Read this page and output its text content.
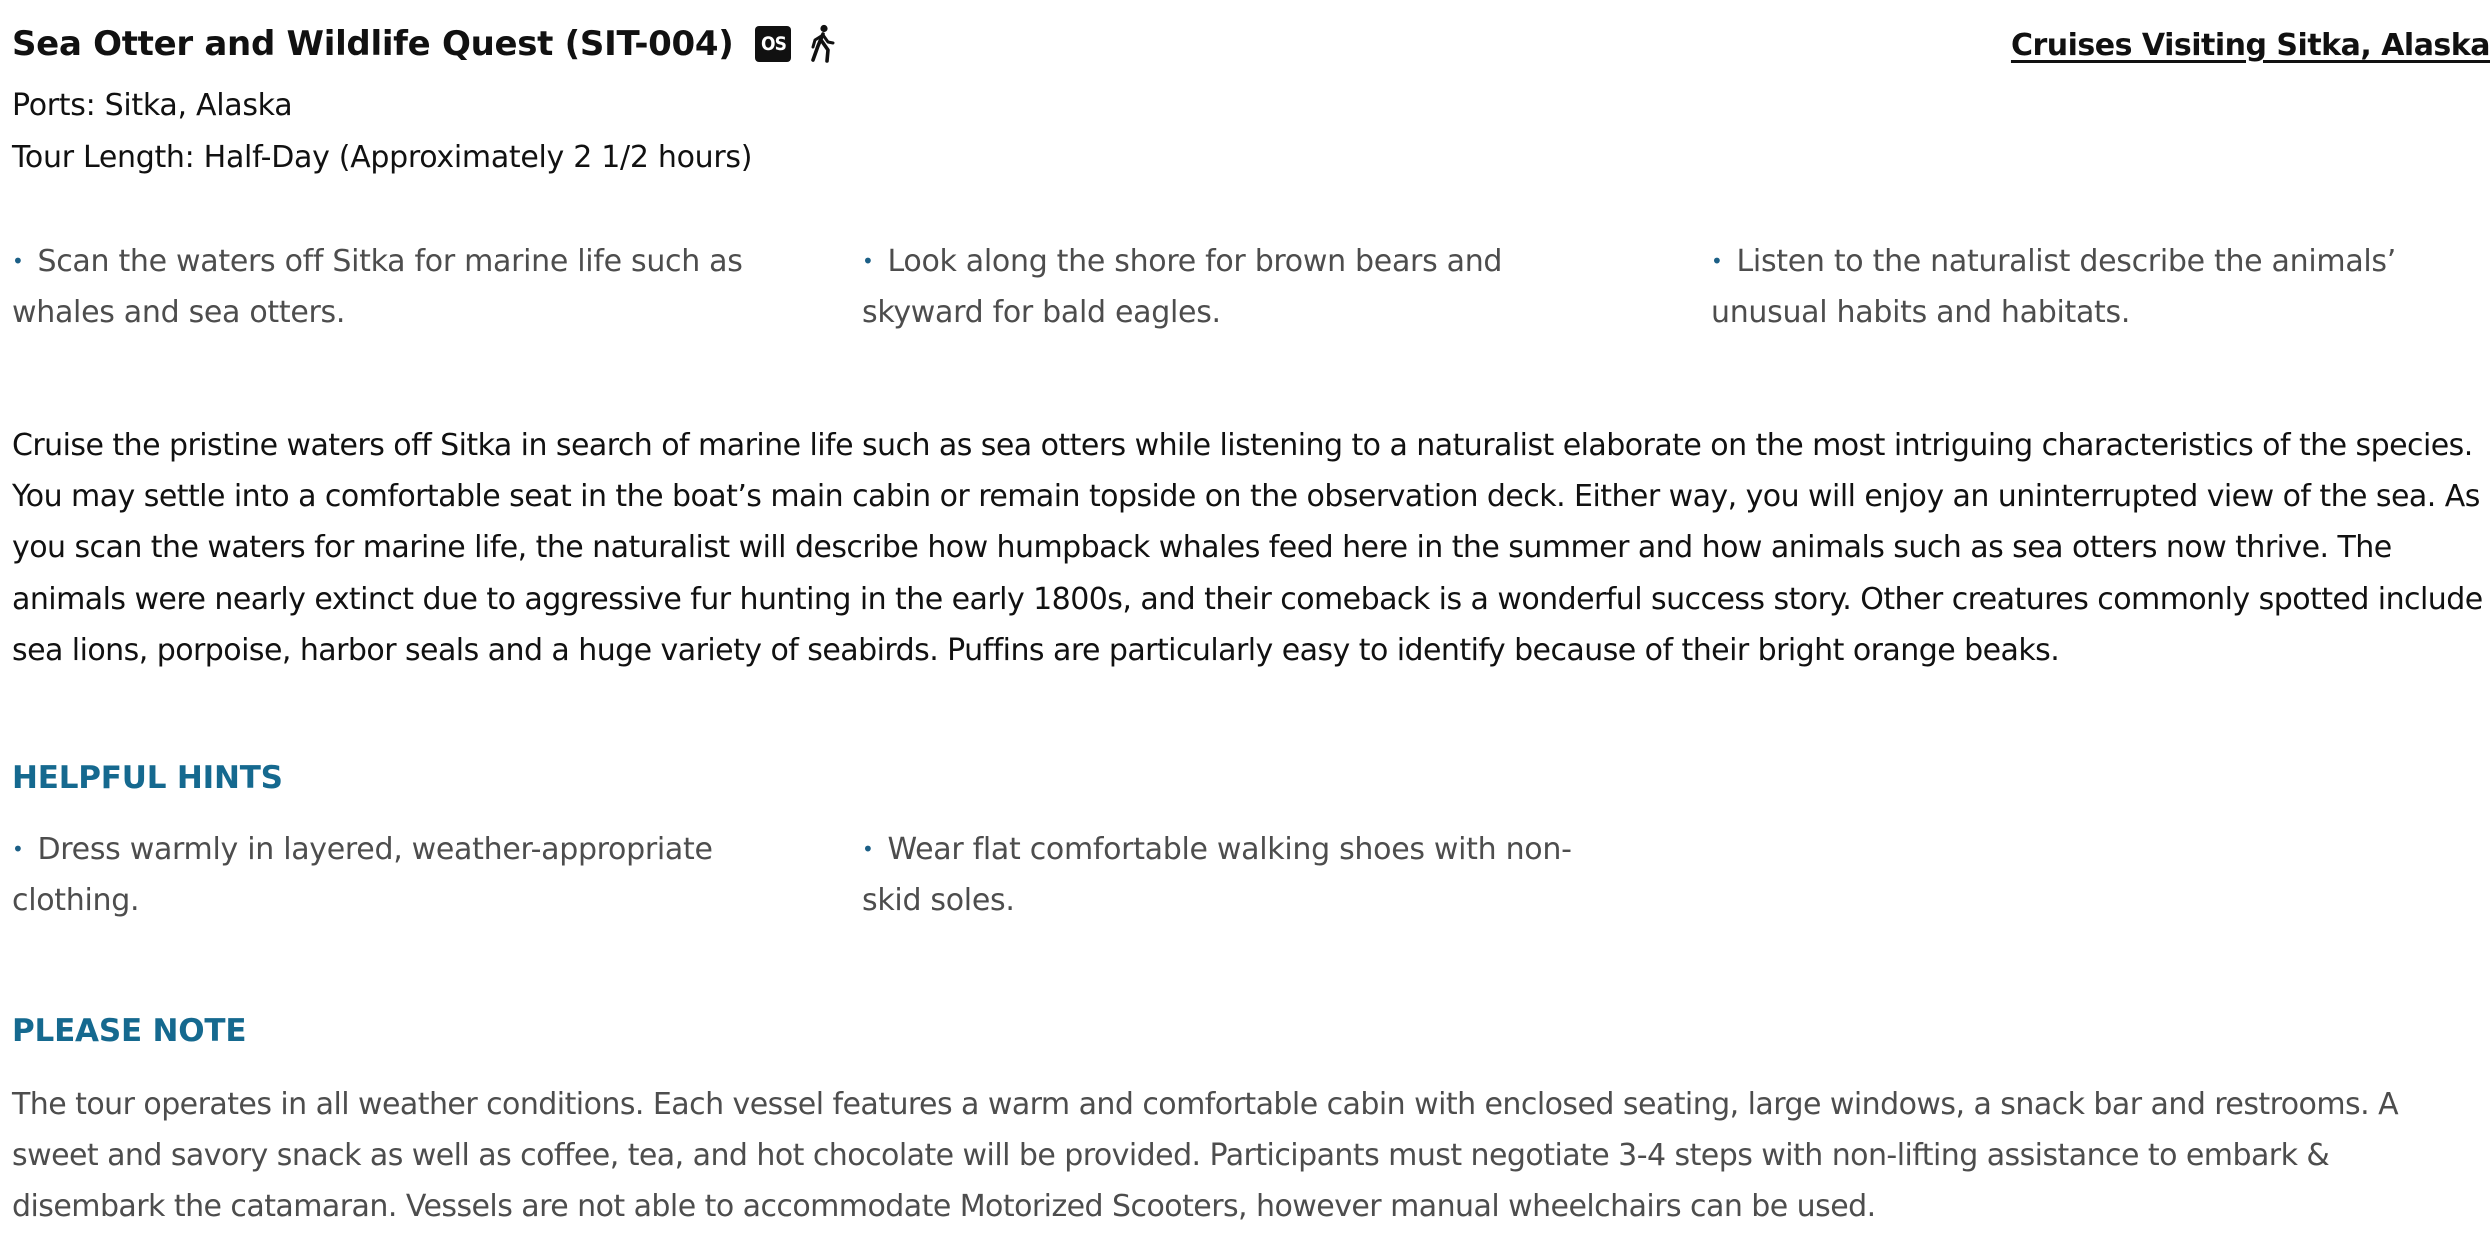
Sea Otter and Wildlife Quest (SIT-004) OS	Cruises Visiting Sitka, Alaska
Ports: Sitka, Alaska
Tour Length: Half-Day (Approximately 2 1/2 hours)
• Scan the waters off Sitka for marine life such as whales and sea otters.
• Look along the shore for brown bears and skyward for bald eagles.
• Listen to the naturalist describe the animals’ unusual habits and habitats.
Cruise the pristine waters off Sitka in search of marine life such as sea otters while listening to a naturalist elaborate on the most intriguing characteristics of the species. You may settle into a comfortable seat in the boat’s main cabin or remain topside on the observation deck. Either way, you will enjoy an uninterrupted view of the sea. As you scan the waters for marine life, the naturalist will describe how humpback whales feed here in the summer and how animals such as sea otters now thrive. The animals were nearly extinct due to aggressive fur hunting in the early 1800s, and their comeback is a wonderful success story. Other creatures commonly spotted include sea lions, porpoise, harbor seals and a huge variety of seabirds. Puffins are particularly easy to identify because of their bright orange beaks.
HELPFUL HINTS
• Dress warmly in layered, weather-appropriate clothing.
• Wear flat comfortable walking shoes with non-skid soles.
PLEASE NOTE
The tour operates in all weather conditions. Each vessel features a warm and comfortable cabin with enclosed seating, large windows, a snack bar and restrooms. A sweet and savory snack as well as coffee, tea, and hot chocolate will be provided. Participants must negotiate 3-4 steps with non-lifting assistance to embark & disembark the catamaran. Vessels are not able to accommodate Motorized Scooters, however manual wheelchairs can be used.
